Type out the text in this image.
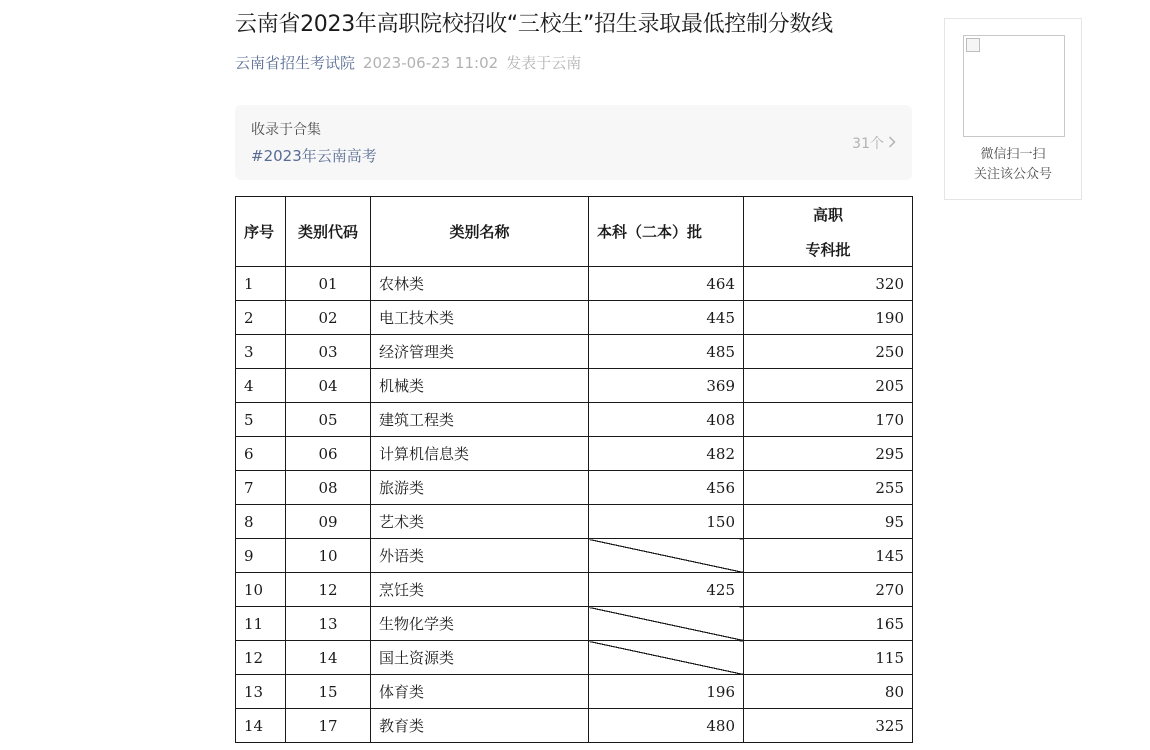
云南省2023年高职院校招收“三校生”招生录取最低控制分数线
云南省招生考试院 2023-06-23 11:02 发表于云南
收录于合集
#2023年云南高考
31个
序号	类别代码	类别名称	本科（二本）批	高职
专科批

1	01	农林类	464	320
2	02	电工技术类	445	190
3	03	经济管理类	485	250
4	04	机械类	369	205
5	05	建筑工程类	408	170
6	06	计算机信息类	482	295
7	08	旅游类	456	255
8	09	艺术类	150	95
9	10	外语类		145
10	12	烹饪类	425	270
11	13	生物化学类		165
12	14	国土资源类		115
13	15	体育类	196	80
14	17	教育类	480	325
微信扫一扫
关注该公众号
